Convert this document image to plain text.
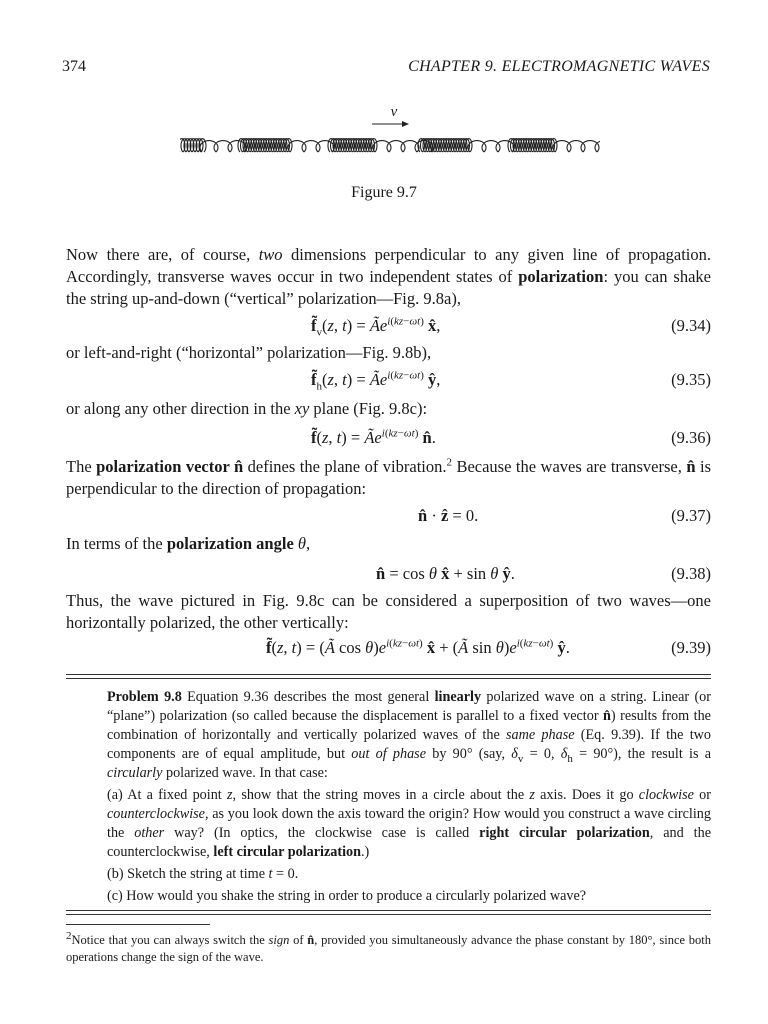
374	CHAPTER 9. ELECTROMAGNETIC WAVES
v
Figure 9.7
Now there are, of course, two dimensions perpendicular to any given line of propagation. Accordingly, transverse waves occur in two independent states of polarization: you can shake the string up-and-down (“vertical” polarization—Fig. 9.8a),
$f̃_v(z$, $t) = Ãe^{i(kz-\omega t)}$ x̂,	(9.34)
or left-and-right (“horizontal” polarization—Fig. 9.8b),
$f̃_h(z$, $t) = Ãe^{i(kz-\omega t)}$ ŷ,	(9.35)
or along any other direction in the xy plane (Fig. 9.8c):
f̃(z, $t) = Ãe^{i(kz-\omega t)}$ n̂.	(9.36)
The polarization vector n̂ defines the plane of vibration.$^2$ Because the waves are transverse, n̂ is perpendicular to the direction of propagation:
n̂ · ẑ = 0.	(9.37)
In terms of the polarization angle θ,
n̂ = cos θ x̂ + sin θ ŷ.	(9.38)
Thus, the wave pictured in Fig. 9.8c can be considered a superposition of two waves—one horizontally polarized, the other vertically:
f̃(z, t) = (Ã $\cos \theta)e^{i(kz-\omega t)}$ x̂ + (Ã $\sin \theta)e^{i(kz-\omega t)}$ ŷ.	(9.39)

Problem 9.8 Equation 9.36 describes the most general linearly polarized wave on a string. Linear (or “plane”) polarization (so called because the displacement is parallel to a fixed vector n̂) results from the combination of horizontally and vertically polarized waves of the same phase (Eq. 9.39). If the two components are of equal amplitude, but out of phase by 90° (say, $\delta_v = 0$, $\delta_h = 90^\circ$), the result is a circularly polarized wave. In that case:

(a) At a fixed point z, show that the string moves in a circle about the z axis. Does it go clockwise or counterclockwise, as you look down the axis toward the origin? How would you construct a wave circling the other way? (In optics, the clockwise case is called right circular polarization, and the counterclockwise, left circular polarization.)

(b) Sketch the string at time t = 0.

(c) How would you shake the string in order to produce a circularly polarized wave?

$^2$Notice that you can always switch the sign of n̂, provided you simultaneously advance the phase constant by 180°, since both operations change the sign of the wave.
